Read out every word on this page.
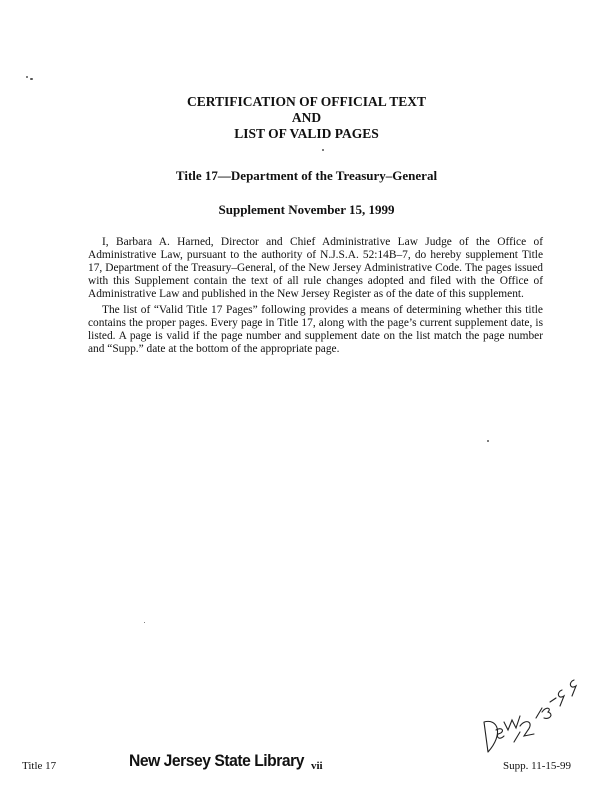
CERTIFICATION OF OFFICIAL TEXT
AND
LIST OF VALID PAGES
Title 17—Department of the Treasury–General
Supplement November 15, 1999
I, Barbara A. Harned, Director and Chief Administrative Law Judge of the Office of Administrative Law, pursuant to the authority of N.J.S.A. 52:14B–7, do hereby supplement Title 17, Department of the Treasury–General, of the New Jersey Administrative Code. The pages issued with this Supplement contain the text of all rule changes adopted and filed with the Office of Administrative Law and published in the New Jersey Register as of the date of this supplement.
The list of “Valid Title 17 Pages” following provides a means of determining whether this title contains the proper pages. Every page in Title 17, along with the page’s current supplement date, is listed. A page is valid if the page number and supplement date on the list match the page number and “Supp.” date at the bottom of the appropriate page.
Title 17	New Jersey State Library vii	Supp. 11-15-99
